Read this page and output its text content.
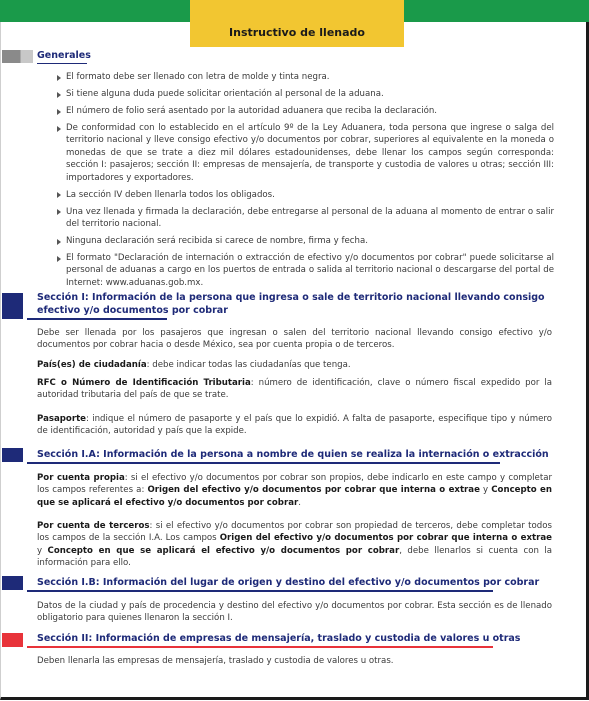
Instructivo de llenado
Generales
El formato debe ser llenado con letra de molde y tinta negra.
Si tiene alguna duda puede solicitar orientación al personal de la aduana.
El número de folio será asentado por la autoridad aduanera que reciba la declaración.
De conformidad con lo establecido en el artículo 9º de la Ley Aduanera, toda persona que ingrese o salga del territorio nacional y lleve consigo efectivo y/o documentos por cobrar, superiores al equivalente en la moneda o monedas de que se trate a diez mil dólares estadounidenses, debe llenar los campos según corresponda: sección I: pasajeros; sección II: empresas de mensajería, de transporte y custodia de valores u otras; sección III: importadores y exportadores.
La sección IV deben llenarla todos los obligados.
Una vez llenada y firmada la declaración, debe entregarse al personal de la aduana al momento de entrar o salir del territorio nacional.
Ninguna declaración será recibida si carece de nombre, firma y fecha.
El formato "Declaración de internación o extracción de efectivo y/o documentos por cobrar" puede solicitarse al personal de aduanas a cargo en los puertos de entrada o salida al territorio nacional o descargarse del portal de Internet: www.aduanas.gob.mx.
Sección I: Información de la persona que ingresa o sale de territorio nacional llevando consigo efectivo y/o documentos por cobrar

Debe ser llenada por los pasajeros que ingresan o salen del territorio nacional llevando consigo efectivo y/o documentos por cobrar hacia o desde México, sea por cuenta propia o de terceros.

País(es) de ciudadanía: debe indicar todas las ciudadanías que tenga.

RFC o Número de Identificación Tributaria: número de identificación, clave o número fiscal expedido por la autoridad tributaria del país de que se trate.

Pasaporte: indique el número de pasaporte y el país que lo expidió. A falta de pasaporte, especifique tipo y número de identificación, autoridad y país que la expide.

Sección I.A: Información de la persona a nombre de quien se realiza la internación o extracción

Por cuenta propia: si el efectivo y/o documentos por cobrar son propios, debe indicarlo en este campo y completar los campos referentes a: Origen del efectivo y/o documentos por cobrar que interna o extrae y Concepto en que se aplicará el efectivo y/o documentos por cobrar.

Por cuenta de terceros: si el efectivo y/o documentos por cobrar son propiedad de terceros, debe completar todos los campos de la sección I.A. Los campos Origen del efectivo y/o documentos por cobrar que interna o extrae y Concepto en que se aplicará el efectivo y/o documentos por cobrar, debe llenarlos si cuenta con la información para ello.

Sección I.B: Información del lugar de origen y destino del efectivo y/o documentos por cobrar

Datos de la ciudad y país de procedencia y destino del efectivo y/o documentos por cobrar. Esta sección es de llenado obligatorio para quienes llenaron la sección I.

Sección II: Información de empresas de mensajería, traslado y custodia de valores u otras

Deben llenarla las empresas de mensajería, traslado y custodia de valores u otras.
